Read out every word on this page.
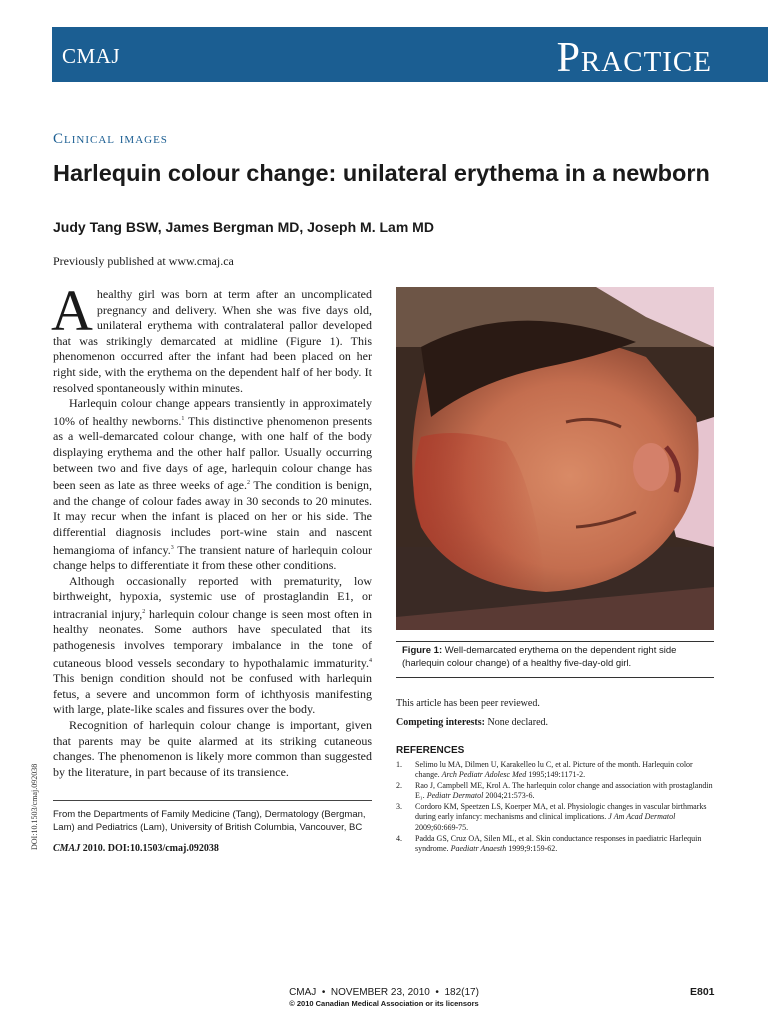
CMAJ	Practice
Clinical images
Harlequin colour change: unilateral erythema in a newborn
Judy Tang BSW, James Bergman MD, Joseph M. Lam MD
Previously published at www.cmaj.ca

Ahealthy girl was born at term after an uncomplicated pregnancy and delivery. When she was five days old, unilateral erythema with contralateral pallor developed that was strikingly demarcated at midline (Figure 1). This phenomenon occurred after the infant had been placed on her right side, with the erythema on the dependent half of her body. It resolved spontaneously within minutes.

Harlequin colour change appears transiently in approximately 10% of healthy newborns.$^1$ This distinctive phenomenon presents as a well-demarcated colour change, with one half of the body displaying erythema and the other half pallor. Usually occurring between two and five days of age, harlequin colour change has been seen as late as three weeks of age.$^2$ The condition is benign, and the change of colour fades away in 30 seconds to 20 minutes. It may recur when the infant is placed on her or his side. The differential diagnosis includes port-wine stain and nascent hemangioma of infancy.$^3$ The transient nature of harlequin colour change helps to differentiate it from these other conditions.

Although occasionally reported with prematurity, low birthweight, hypoxia, systemic use of prostaglandin E1, or intracranial injury,$^2$ harlequin colour change is seen most often in healthy neonates. Some authors have speculated that its pathogenesis involves temporary imbalance in the tone of cutaneous blood vessels secondary to hypothalamic immaturity.$^4$ This benign condition should not be confused with harlequin fetus, a severe and uncommon form of ichthyosis manifesting with large, plate-like scales and fissures over the body.

Recognition of harlequin colour change is important, given that parents may be quite alarmed at its striking cutaneous changes. The phenomenon is likely more common than suggested by the literature, in part because of its transience.

DOI:10.1503/cmaj.092038 From the Departments of Family Medicine (Tang), Dermatology (Bergman, Lam) and Pediatrics (Lam), University of British Columbia, Vancouver, BC
CMAJ 2010. DOI:10.1503/cmaj.092038
Figure 1: Well-demarcated erythema on the dependent right side (harlequin colour change) of a healthy five-day-old girl.
This article has been peer reviewed.
Competing interests: None declared.
REFERENCES
1. Selimo lu MA, Dilmen U, Karakelleo lu C, et al. Picture of the month. Harlequin color change. Arch Pediatr Adolesc Med 1995;149:1171-2.
2. Rao J, Campbell ME, Krol A. The harlequin color change and association with prostaglandin E₁. Pediatr Dermatol 2004;21:573-6.
3. Cordoro KM, Speetzen LS, Koerper MA, et al. Physiologic changes in vascular birthmarks during early infancy: mechanisms and clinical implications. J Am Acad Dermatol 2009;60:669-75.
4. Padda GS, Cruz OA, Silen ML, et al. Skin conductance responses in paediatric Harlequin syndrome. Paediatr Anaesth 1999;9:159-62.
CMAJ  •  NOVEMBER 23, 2010  •  182(17)
© 2010 Canadian Medical Association or its licensors
E801
